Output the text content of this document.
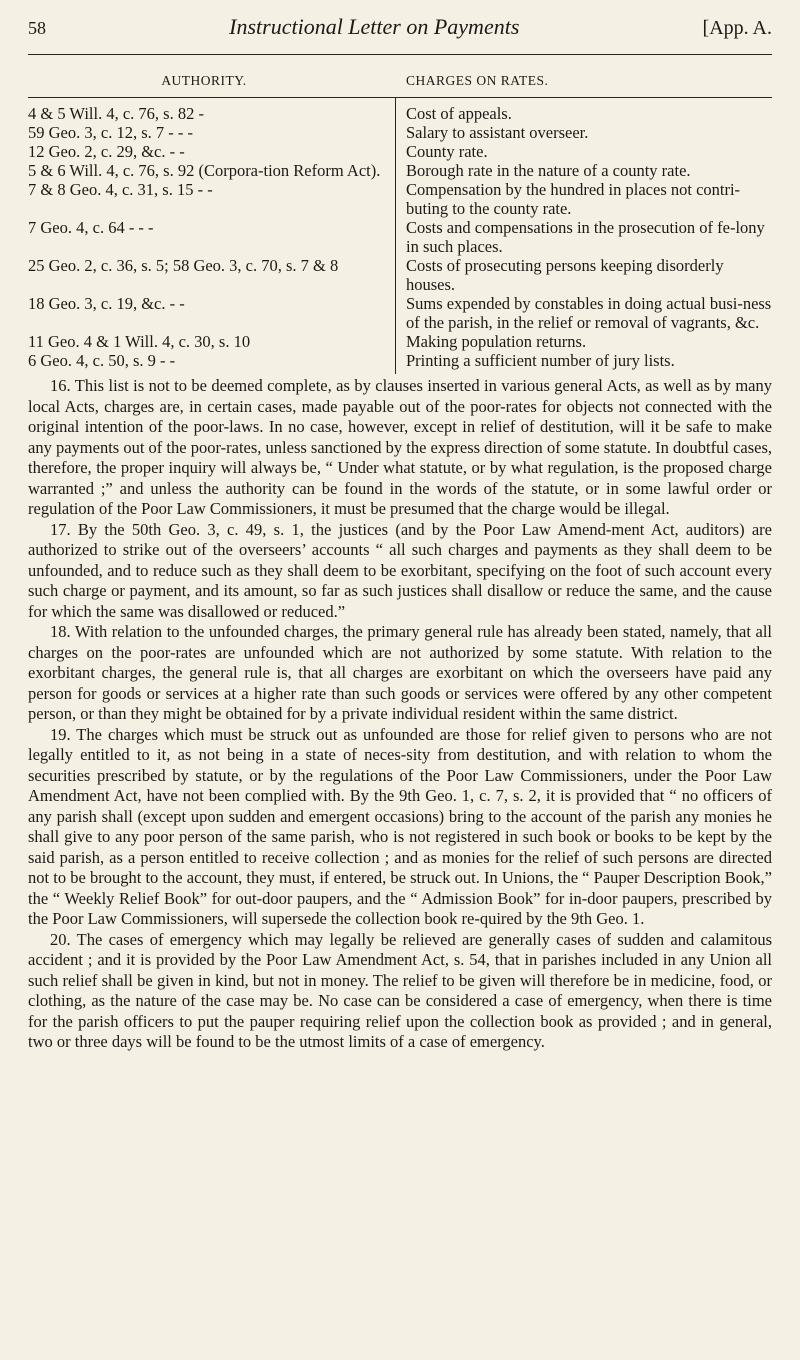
58	Instructional Letter on Payments	[App. A.
AUTHORITY.	CHARGES ON RATES.
4 & 5 Will. 4, c. 76, s. 82 -	Cost of appeals.
59 Geo. 3, c. 12, s. 7 - - -	Salary to assistant overseer.
12 Geo. 2, c. 29, &c. - -	County rate.
5 & 6 Will. 4, c. 76, s. 92 (Corpora-tion Reform Act).	Borough rate in the nature of a county rate.
7 & 8 Geo. 4, c. 31, s. 15 - -	Compensation by the hundred in places not contri-buting to the county rate.
7 Geo. 4, c. 64 - - -	Costs and compensations in the prosecution of fe-lony in such places.
25 Geo. 2, c. 36, s. 5; 58 Geo. 3, c. 70, s. 7 & 8	Costs of prosecuting persons keeping disorderly houses.
18 Geo. 3, c. 19, &c. - -	Sums expended by constables in doing actual busi-ness of the parish, in the relief or removal of vagrants, &c.
11 Geo. 4 & 1 Will. 4, c. 30, s. 10	Making population returns.
6 Geo. 4, c. 50, s. 9 - -	Printing a sufficient number of jury lists.

16. This list is not to be deemed complete, as by clauses inserted in various general Acts, as well as by many local Acts, charges are, in certain cases, made payable out of the poor-rates for objects not connected with the original intention of the poor-laws. In no case, however, except in relief of destitution, will it be safe to make any payments out of the poor-rates, unless sanctioned by the express direction of some statute. In doubtful cases, therefore, the proper inquiry will always be, “ Under what statute, or by what regulation, is the proposed charge warranted ;” and unless the authority can be found in the words of the statute, or in some lawful order or regulation of the Poor Law Commissioners, it must be presumed that the charge would be illegal.

17. By the 50th Geo. 3, c. 49, s. 1, the justices (and by the Poor Law Amend-ment Act, auditors) are authorized to strike out of the overseers’ accounts “ all such charges and payments as they shall deem to be unfounded, and to reduce such as they shall deem to be exorbitant, specifying on the foot of such account every such charge or payment, and its amount, so far as such justices shall disallow or reduce the same, and the cause for which the same was disallowed or reduced.”

18. With relation to the unfounded charges, the primary general rule has already been stated, namely, that all charges on the poor-rates are unfounded which are not authorized by some statute. With relation to the exorbitant charges, the general rule is, that all charges are exorbitant on which the overseers have paid any person for goods or services at a higher rate than such goods or services were offered by any other competent person, or than they might be obtained for by a private individual resident within the same district.

19. The charges which must be struck out as unfounded are those for relief given to persons who are not legally entitled to it, as not being in a state of neces-sity from destitution, and with relation to whom the securities prescribed by statute, or by the regulations of the Poor Law Commissioners, under the Poor Law Amendment Act, have not been complied with. By the 9th Geo. 1, c. 7, s. 2, it is provided that “ no officers of any parish shall (except upon sudden and emergent occasions) bring to the account of the parish any monies he shall give to any poor person of the same parish, who is not registered in such book or books to be kept by the said parish, as a person entitled to receive collection ; and as monies for the relief of such persons are directed not to be brought to the account, they must, if entered, be struck out. In Unions, the “ Pauper Description Book,” the “ Weekly Relief Book” for out-door paupers, and the “ Admission Book” for in-door paupers, prescribed by the Poor Law Commissioners, will supersede the collection book re-quired by the 9th Geo. 1.

20. The cases of emergency which may legally be relieved are generally cases of sudden and calamitous accident ; and it is provided by the Poor Law Amendment Act, s. 54, that in parishes included in any Union all such relief shall be given in kind, but not in money. The relief to be given will therefore be in medicine, food, or clothing, as the nature of the case may be. No case can be considered a case of emergency, when there is time for the parish officers to put the pauper requiring relief upon the collection book as provided ; and in general, two or three days will be found to be the utmost limits of a case of emergency.
